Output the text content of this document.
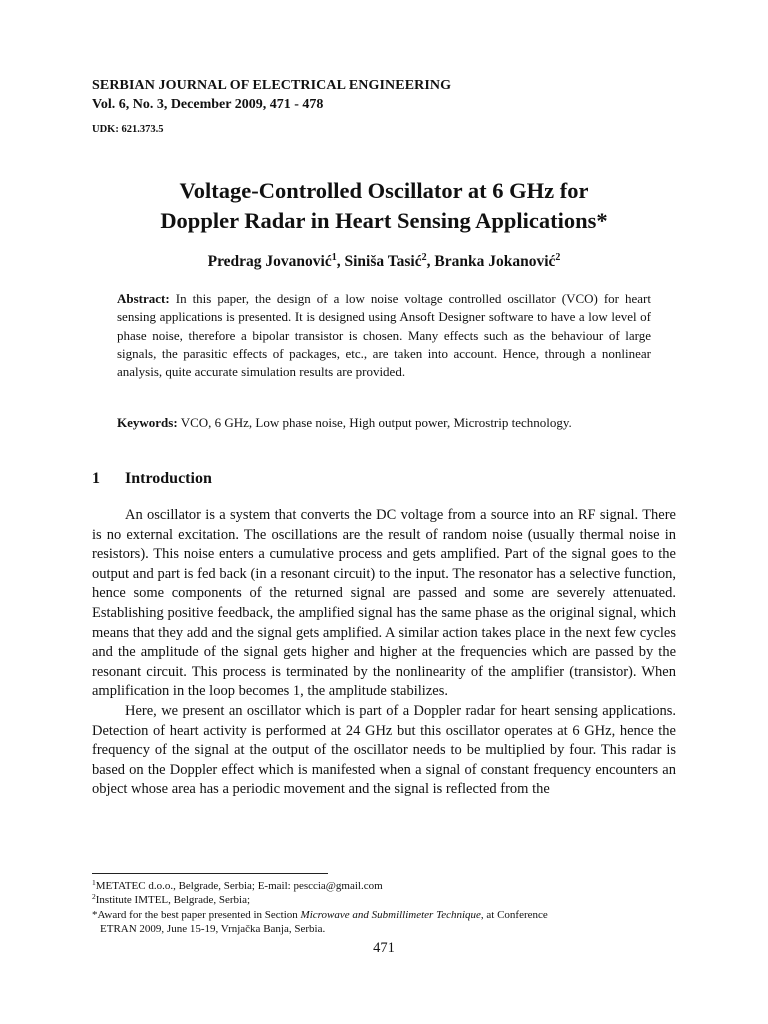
SERBIAN JOURNAL OF ELECTRICAL ENGINEERING
Vol. 6, No. 3, December 2009, 471 - 478
UDK: 621.373.5
Voltage-Controlled Oscillator at 6 GHz for
Doppler Radar in Heart Sensing Applications*
Predrag Jovanović$^1$, Siniša Tasić$^2$, Branka Jokanović$^2$
Abstract: In this paper, the design of a low noise voltage controlled oscillator (VCO) for heart sensing applications is presented. It is designed using Ansoft Designer software to have a low level of phase noise, therefore a bipolar transistor is chosen. Many effects such as the behaviour of large signals, the parasitic effects of packages, etc., are taken into account. Hence, through a nonlinear analysis, quite accurate simulation results are provided.
Keywords: VCO, 6 GHz, Low phase noise, High output power, Microstrip technology.
1 Introduction

An oscillator is a system that converts the DC voltage from a source into an RF signal. There is no external excitation. The oscillations are the result of random noise (usually thermal noise in resistors). This noise enters a cumulative process and gets amplified. Part of the signal goes to the output and part is fed back (in a resonant circuit) to the input. The resonator has a selective function, hence some components of the returned signal are passed and some are severely attenuated. Establishing positive feedback, the amplified signal has the same phase as the original signal, which means that they add and the signal gets amplified. A similar action takes place in the next few cycles and the amplitude of the signal gets higher and higher at the frequencies which are passed by the resonant circuit. This process is terminated by the nonlinearity of the amplifier (transistor). When amplification in the loop becomes 1, the amplitude stabilizes.

Here, we present an oscillator which is part of a Doppler radar for heart sensing applications. Detection of heart activity is performed at 24 GHz but this oscillator operates at 6 GHz, hence the frequency of the signal at the output of the oscillator needs to be multiplied by four. This radar is based on the Doppler effect which is manifested when a signal of constant frequency encounters an object whose area has a periodic movement and the signal is reflected from the

$^1$METATEC d.o.o., Belgrade, Serbia; E-mail: pesccia@gmail.com
$^2$Institute IMTEL, Belgrade, Serbia;
*Award for the best paper presented in Section Microwave and Submillimeter Technique, at Conference
ETRAN 2009, June 15-19, Vrnjačka Banja, Serbia.
471
